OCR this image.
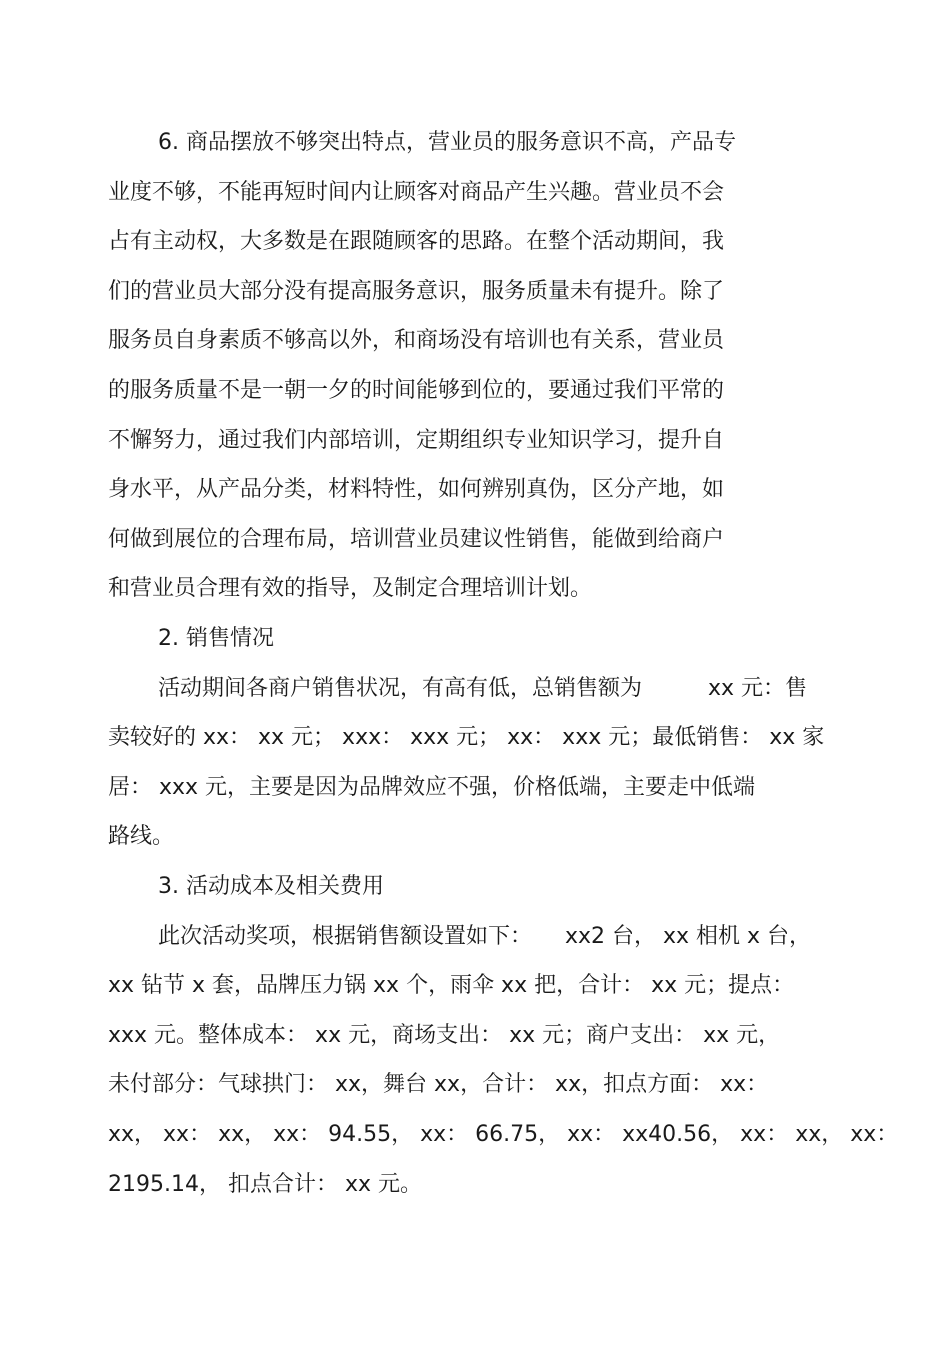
6. 商品摆放不够突出特点，营业员的服务意识不高，产品专
业度不够，不能再短时间内让顾客对商品产生兴趣。营业员不会
占有主动权，大多数是在跟随顾客的思路。在整个活动期间，我
们的营业员大部分没有提高服务意识，服务质量未有提升。除了
服务员自身素质不够高以外，和商场没有培训也有关系，营业员
的服务质量不是一朝一夕的时间能够到位的，要通过我们平常的
不懈努力，通过我们内部培训，定期组织专业知识学习，提升自
身水平，从产品分类，材料特性，如何辨别真伪，区分产地，如
何做到展位的合理布局，培训营业员建议性销售，能做到给商户
和营业员合理有效的指导，及制定合理培训计划。
2. 销售情况
活动期间各商户销售状况，有高有低，总销售额为　　　xx 元：售
卖较好的 xx： xx 元； xxx： xxx 元； xx： xxx 元；最低销售： xx 家
居： xxx 元，主要是因为品牌效应不强，价格低端，主要走中低端
路线。
3. 活动成本及相关费用
此次活动奖项，根据销售额设置如下：　　xx2 台， xx 相机 x 台，
xx 钻节 x 套，品牌压力锅 xx 个，雨伞 xx 把，合计： xx 元；提点：
xxx 元。整体成本： xx 元，商场支出： xx 元；商户支出： xx 元，
未付部分：气球拱门： xx，舞台 xx，合计： xx，扣点方面： xx：
xx， xx： xx， xx： 94.55， xx： 66.75， xx： xx40.56， xx： xx， xx：
2195.14， 扣点合计： xx 元。
